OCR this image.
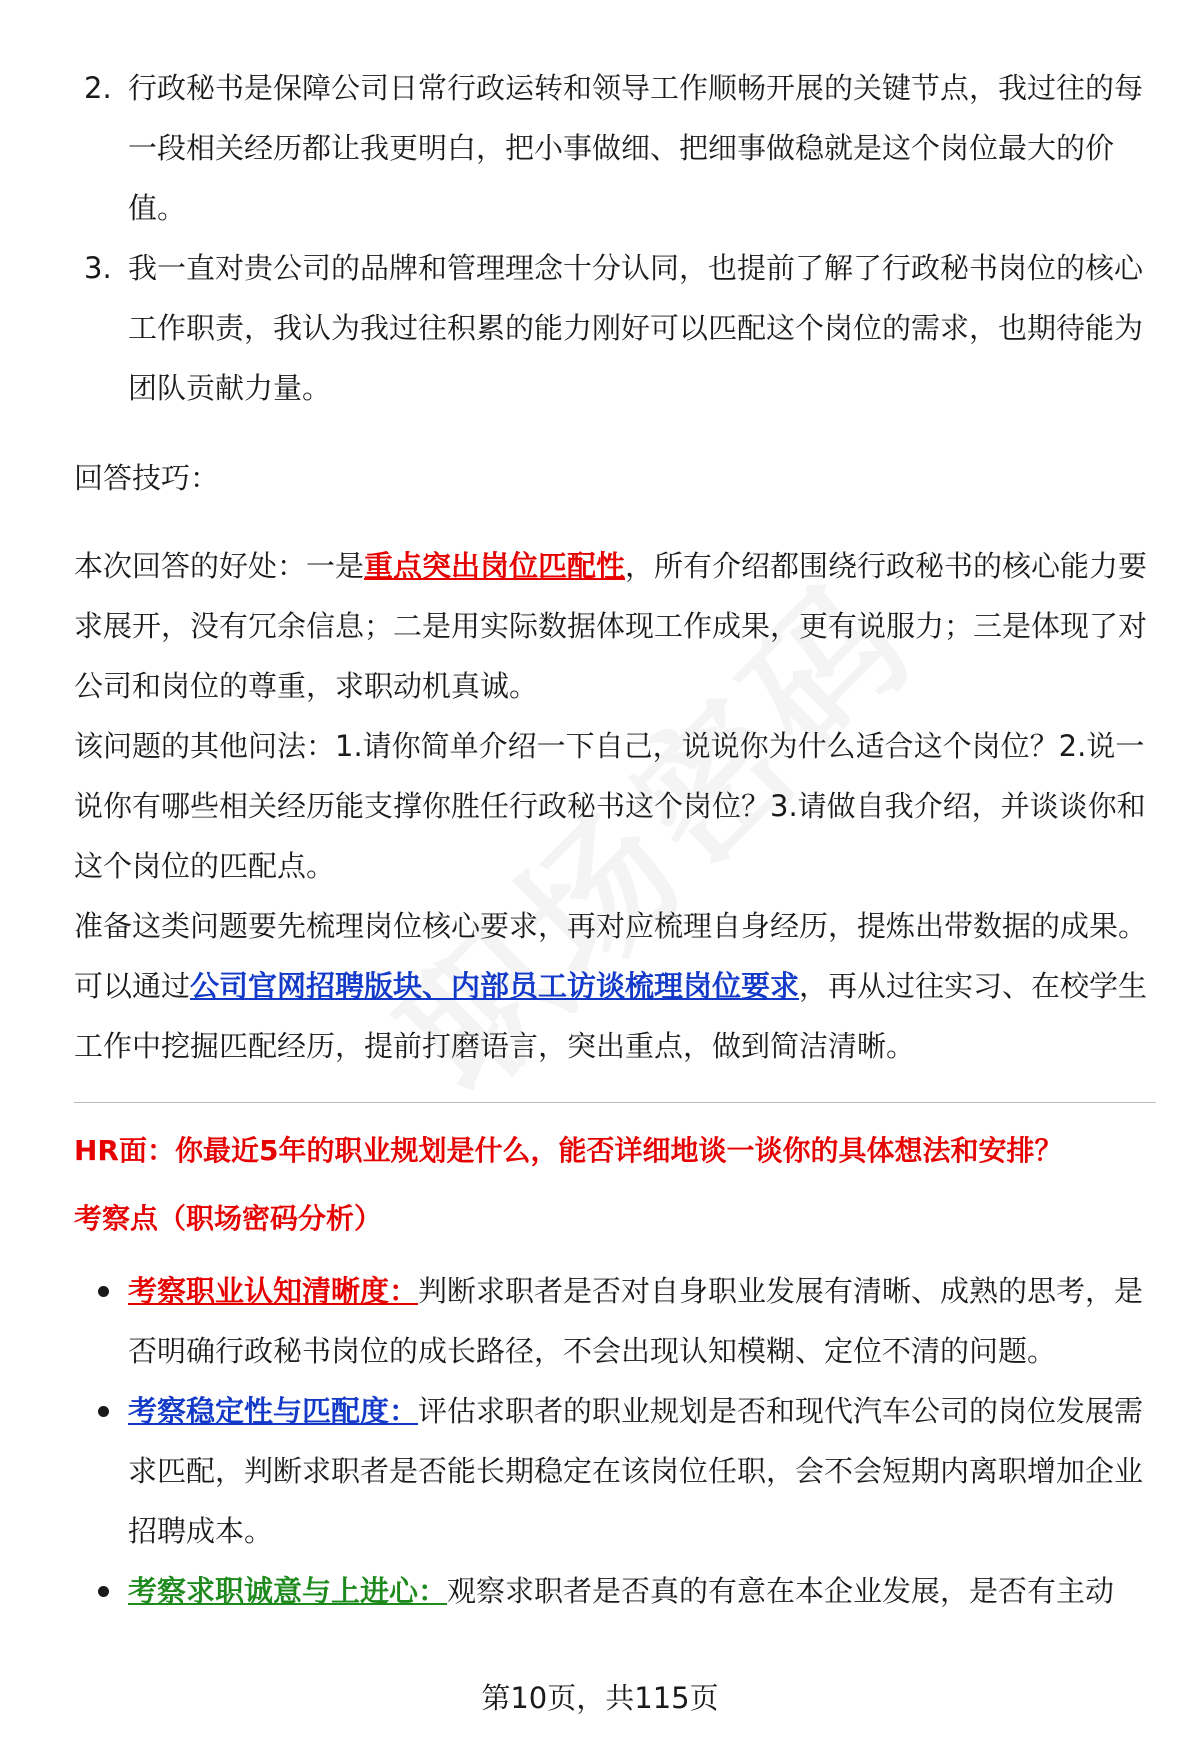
2. 行政秘书是保障公司日常行政运转和领导工作顺畅开展的关键节点，我过往的每一段相关经历都让我更明白，把小事做细、把细事做稳就是这个岗位最大的价值。
3. 我一直对贵公司的品牌和管理理念十分认同，也提前了解了行政秘书岗位的核心工作职责，我认为我过往积累的能力刚好可以匹配这个岗位的需求，也期待能为团队贡献力量。

回答技巧：

本次回答的好处：一是重点突出岗位匹配性，所有介绍都围绕行政秘书的核心能力要求展开，没有冗余信息；二是用实际数据体现工作成果，更有说服力；三是体现了对公司和岗位的尊重，求职动机真诚。

该问题的其他问法：1.请你简单介绍一下自己，说说你为什么适合这个岗位？2.说一说你有哪些相关经历能支撑你胜任行政秘书这个岗位？3.请做自我介绍，并谈谈你和这个岗位的匹配点。

准备这类问题要先梳理岗位核心要求，再对应梳理自身经历，提炼出带数据的成果。可以通过公司官网招聘版块、内部员工访谈梳理岗位要求，再从过往实习、在校学生工作中挖掘匹配经历，提前打磨语言，突出重点，做到简洁清晰。

HR面：你最近5年的职业规划是什么，能否详细地谈一谈你的具体想法和安排？

考察点（职场密码分析）

考察职业认知清晰度：判断求职者是否对自身职业发展有清晰、成熟的思考，是否明确行政秘书岗位的成长路径，不会出现认知模糊、定位不清的问题。
考察稳定性与匹配度：评估求职者的职业规划是否和现代汽车公司的岗位发展需求匹配，判断求职者是否能长期稳定在该岗位任职，会不会短期内离职增加企业招聘成本。
考察求职诚意与上进心：观察求职者是否真的有意在本企业发展，是否有主动
第10页，共115页
